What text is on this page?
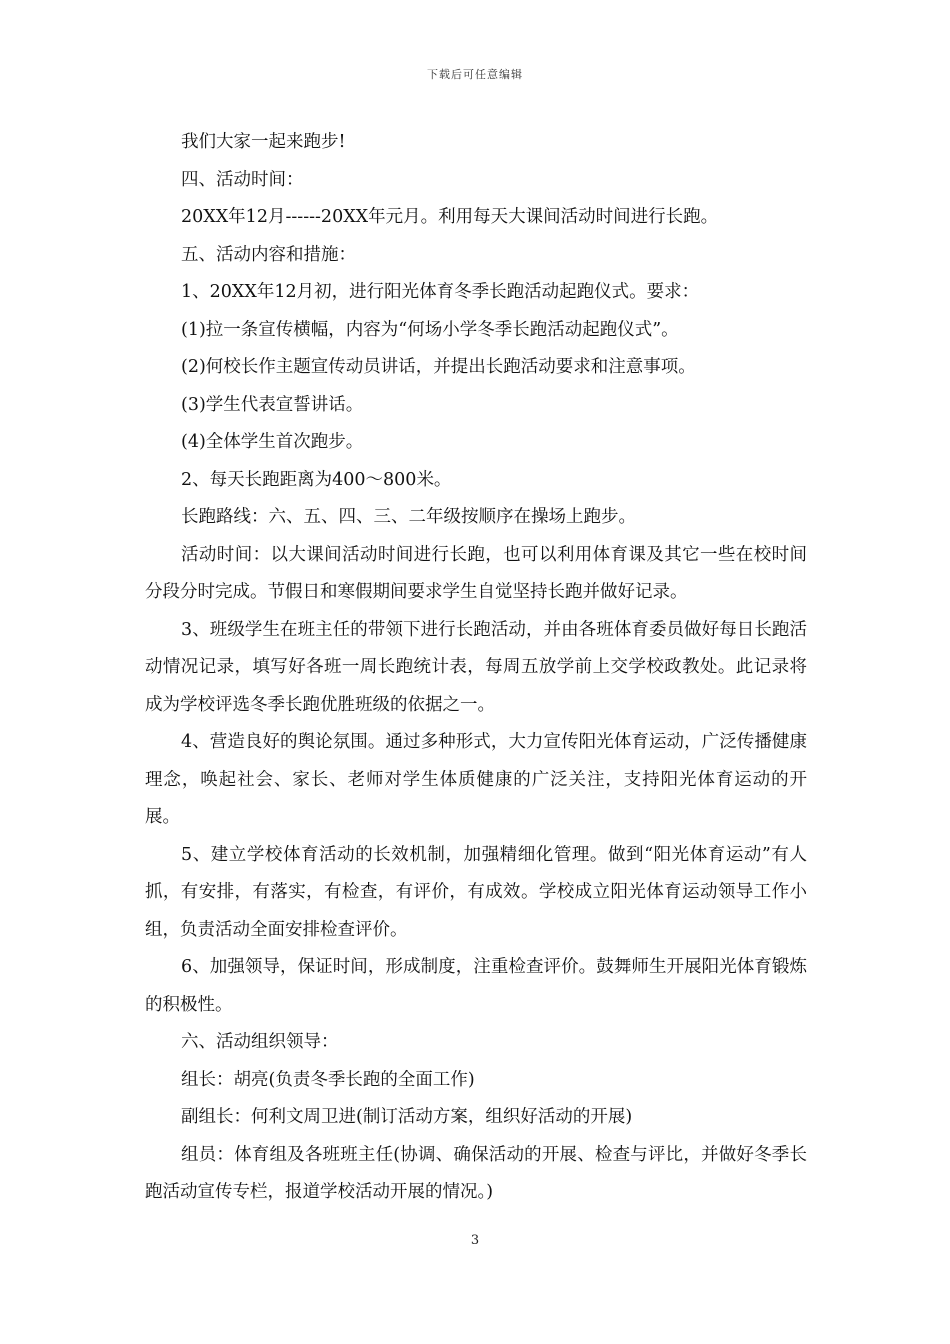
下载后可任意编辑

我们大家一起来跑步!

四、活动时间：

20XX年12月------20XX年元月。利用每天大课间活动时间进行长跑。

五、活动内容和措施：

1、20XX年12月初，进行阳光体育冬季长跑活动起跑仪式。要求：

(1)拉一条宣传横幅，内容为“何场小学冬季长跑活动起跑仪式”。

(2)何校长作主题宣传动员讲话，并提出长跑活动要求和注意事项。

(3)学生代表宣誓讲话。

(4)全体学生首次跑步。

2、每天长跑距离为400～800米。

长跑路线：六、五、四、三、二年级按顺序在操场上跑步。

活动时间：以大课间活动时间进行长跑，也可以利用体育课及其它一些在校时间分段分时完成。节假日和寒假期间要求学生自觉坚持长跑并做好记录。

3、班级学生在班主任的带领下进行长跑活动，并由各班体育委员做好每日长跑活动情况记录，填写好各班一周长跑统计表，每周五放学前上交学校政教处。此记录将成为学校评选冬季长跑优胜班级的依据之一。

4、营造良好的舆论氛围。通过多种形式，大力宣传阳光体育运动，广泛传播健康理念，唤起社会、家长、老师对学生体质健康的广泛关注，支持阳光体育运动的开展。

5、建立学校体育活动的长效机制，加强精细化管理。做到“阳光体育运动”有人抓，有安排，有落实，有检查，有评价，有成效。学校成立阳光体育运动领导工作小组，负责活动全面安排检查评价。

6、加强领导，保证时间，形成制度，注重检查评价。鼓舞师生开展阳光体育锻炼的积极性。

六、活动组织领导：

组长：胡亮(负责冬季长跑的全面工作)

副组长：何利文周卫进(制订活动方案，组织好活动的开展)

组员：体育组及各班班主任(协调、确保活动的开展、检查与评比，并做好冬季长跑活动宣传专栏，报道学校活动开展的情况。)

3
